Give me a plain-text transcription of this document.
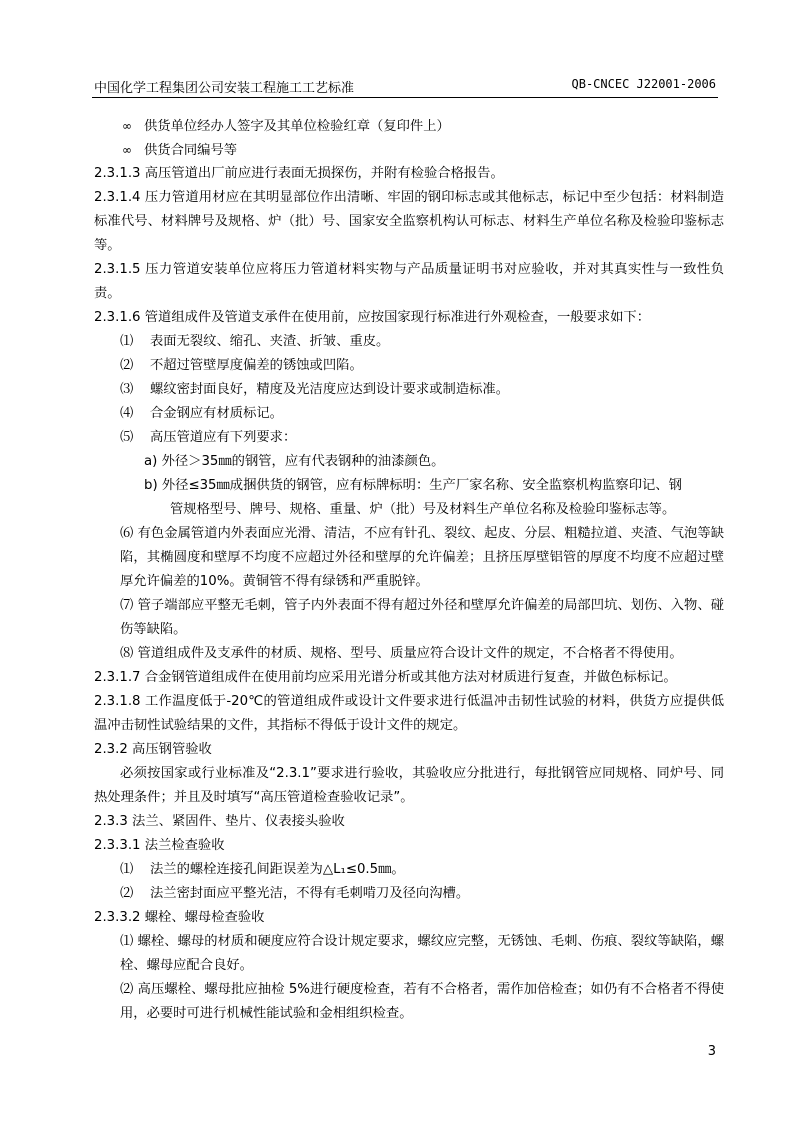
中国化学工程集团公司安装工程施工工艺标准	QB-CNCEC J22001-2006
∞ 供货单位经办人签字及其单位检验红章（复印件上）
∞ 供货合同编号等
2.3.1.3 高压管道出厂前应进行表面无损探伤，并附有检验合格报告。
2.3.1.4 压力管道用材应在其明显部位作出清晰、牢固的钢印标志或其他标志，标记中至少包括：材料制造标准代号、材料牌号及规格、炉（批）号、国家安全监察机构认可标志、材料生产单位名称及检验印鉴标志等。
2.3.1.5 压力管道安装单位应将压力管道材料实物与产品质量证明书对应验收，并对其真实性与一致性负责。
2.3.1.6 管道组成件及管道支承件在使用前，应按国家现行标准进行外观检查，一般要求如下：
⑴ 表面无裂纹、缩孔、夹渣、折皱、重皮。
⑵ 不超过管壁厚度偏差的锈蚀或凹陷。
⑶ 螺纹密封面良好，精度及光洁度应达到设计要求或制造标准。
⑷ 合金钢应有材质标记。
⑸ 高压管道应有下列要求：
a) 外径＞35㎜的钢管，应有代表钢种的油漆颜色。
b) 外径≤35㎜成捆供货的钢管，应有标牌标明：生产厂家名称、安全监察机构监察印记、钢
管规格型号、牌号、规格、重量、炉（批）号及材料生产单位名称及检验印鉴标志等。
⑹ 有色金属管道内外表面应光滑、清洁，不应有针孔、裂纹、起皮、分层、粗糙拉道、夹渣、气泡等缺陷，其椭圆度和壁厚不均度不应超过外径和壁厚的允许偏差；且挤压厚壁铝管的厚度不均度不应超过壁厚允许偏差的10%。黄铜管不得有绿锈和严重脱锌。
⑺ 管子端部应平整无毛刺，管子内外表面不得有超过外径和壁厚允许偏差的局部凹坑、划伤、入物、碰伤等缺陷。
⑻ 管道组成件及支承件的材质、规格、型号、质量应符合设计文件的规定，不合格者不得使用。
2.3.1.7 合金钢管道组成件在使用前均应采用光谱分析或其他方法对材质进行复查，并做色标标记。
2.3.1.8 工作温度低于-20℃的管道组成件或设计文件要求进行低温冲击韧性试验的材料，供货方应提供低温冲击韧性试验结果的文件，其指标不得低于设计文件的规定。
2.3.2 高压钢管验收
必须按国家或行业标准及“2.3.1”要求进行验收，其验收应分批进行，每批钢管应同规格、同炉号、同热处理条件；并且及时填写“高压管道检查验收记录”。
2.3.3 法兰、紧固件、垫片、仪表接头验收
2.3.3.1 法兰检查验收
⑴ 法兰的螺栓连接孔间距误差为△L₁≤0.5㎜。
⑵ 法兰密封面应平整光洁，不得有毛刺啃刀及径向沟槽。
2.3.3.2 螺栓、螺母检查验收
⑴ 螺栓、螺母的材质和硬度应符合设计规定要求，螺纹应完整，无锈蚀、毛刺、伤痕、裂纹等缺陷，螺栓、螺母应配合良好。
⑵ 高压螺栓、螺母批应抽检 5%进行硬度检查，若有不合格者，需作加倍检查；如仍有不合格者不得使用，必要时可进行机械性能试验和金相组织检查。
3
